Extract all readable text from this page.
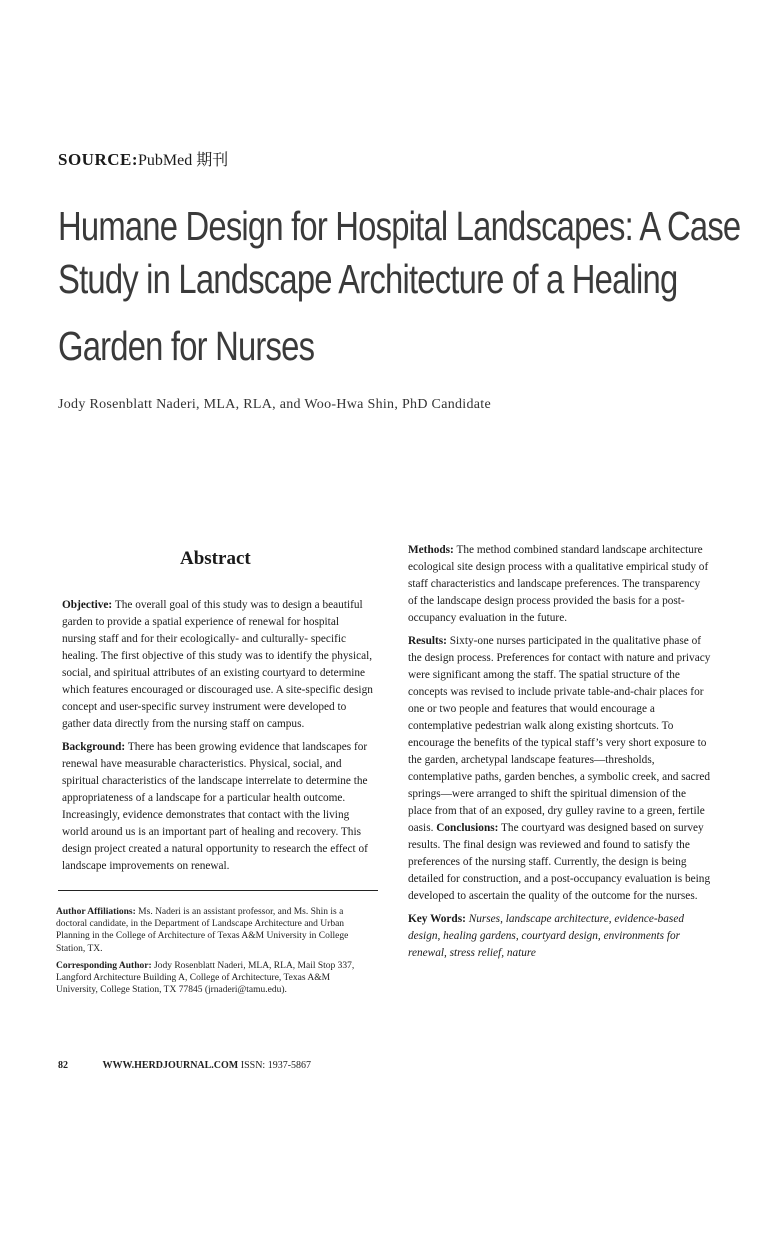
SOURCE:PubMed 期刊
Humane Design for Hospital Landscapes: A Case
Study in Landscape Architecture of a Healing
Garden for Nurses
Jody Rosenblatt Naderi, MLA, RLA, and Woo-Hwa Shin, PhD Candidate
Abstract

Objective: The overall goal of this study was to design a beautiful garden to provide a spatial experience of renewal for hospital nursing staff and for their ecologically- and culturally- specific healing. The first objective of this study was to identify the physical, social, and spiritual attributes of an existing courtyard to determine which features encouraged or discouraged use. A site-specific design concept and user-specific survey instrument were developed to gather data directly from the nursing staff on campus.

Background: There has been growing evidence that landscapes for renewal have measurable characteristics. Physical, social, and spiritual characteristics of the landscape interrelate to determine the appropriateness of a landscape for a particular health outcome. Increasingly, evidence demonstrates that contact with the living world around us is an important part of healing and recovery. This design project created a natural opportunity to research the effect of landscape improvements on renewal.

Methods: The method combined standard landscape architecture ecological site design process with a qualitative empirical study of staff characteristics and landscape preferences. The transparency of the landscape design process provided the basis for a post-occupancy evaluation in the future.

Results: Sixty-one nurses participated in the qualitative phase of the design process. Preferences for contact with nature and privacy were significant among the staff. The spatial structure of the concepts was revised to include private table-and-chair places for one or two people and features that would encourage a contemplative pedestrian walk along existing shortcuts. To encourage the benefits of the typical staff’s very short exposure to the garden, archetypal landscape features—thresholds, contemplative paths, garden benches, a symbolic creek, and sacred springs—were arranged to shift the spiritual dimension of the place from that of an exposed, dry gulley ravine to a green, fertile oasis. Conclusions: The courtyard was designed based on survey results. The final design was reviewed and found to satisfy the preferences of the nursing staff. Currently, the design is being detailed for construction, and a post-occupancy evaluation is being developed to ascertain the quality of the outcome for the nurses.

Key Words: Nurses, landscape architecture, evidence-based design, healing gardens, courtyard design, environments for renewal, stress relief, nature

Author Affiliations: Ms. Naderi is an assistant professor, and Ms. Shin is a doctoral candidate, in the Department of Landscape Architecture and Urban Planning in the College of Architecture of Texas A&M University in College Station, TX.

Corresponding Author: Jody Rosenblatt Naderi, MLA, RLA, Mail Stop 337, Langford Architecture Building A, College of Architecture, Texas A&M University, College Station, TX 77845 (jrnaderi@tamu.edu).

82	WWW.HERDJOURNAL.COM ISSN: 1937-5867
